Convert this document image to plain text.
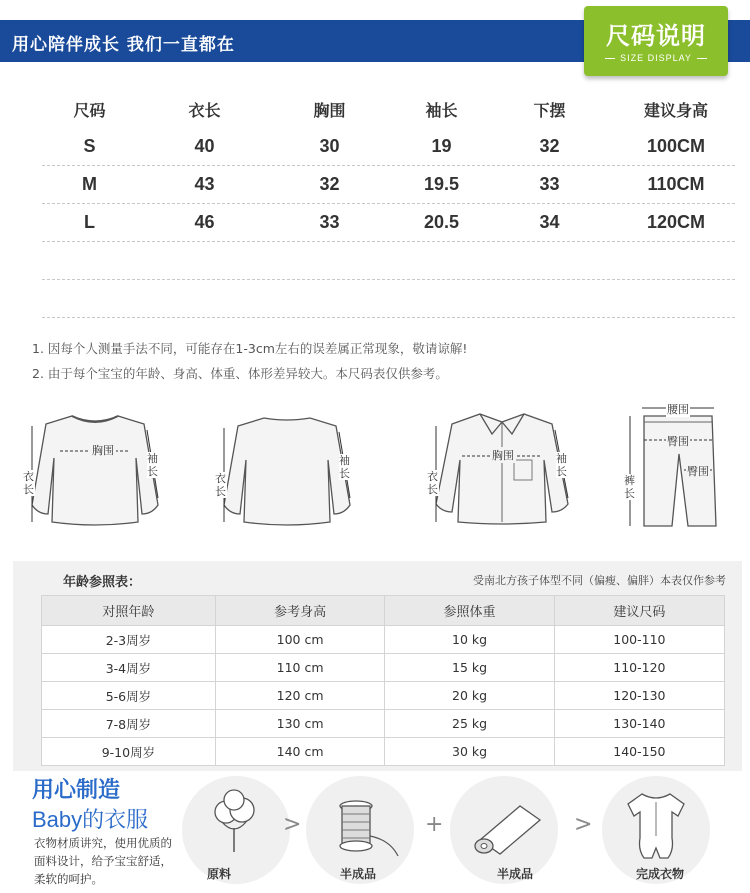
用心陪伴成长 我们一直都在	尺码说明
SIZE DISPLAY
尺码	衣长	胸围	袖长	下摆	建议身高
S	40	30	19	32	100CM
M	43	32	19.5	33	110CM
L	46	33	20.5	34	120CM
1. 因每个人测量手法不同，可能存在1-3cm左右的误差属正常现象，敬请谅解!
2. 由于每个宝宝的年龄、身高、体重、体形差异较大。本尺码表仅供参考。
胸围
衣长
袖长
衣长
袖长
胸围
衣长
袖长
腰围
臀围
臀围
裤长
年龄参照表：	受南北方孩子体型不同（偏瘦、偏胖）本表仅作参考
对照年龄	参考身高	参照体重	建议尺码
2-3周岁	100 cm	10 kg	100-110
3-4周岁	110 cm	15 kg	110-120
5-6周岁	120 cm	20 kg	120-130
7-8周岁	130 cm	25 kg	130-140
9-10周岁	140 cm	30 kg	140-150
用心制造
Baby的衣服
衣物材质讲究，使用优质的面料设计，给予宝宝舒适，柔软的呵护。	原料
>
半成品
+
半成品
>
完成衣物
